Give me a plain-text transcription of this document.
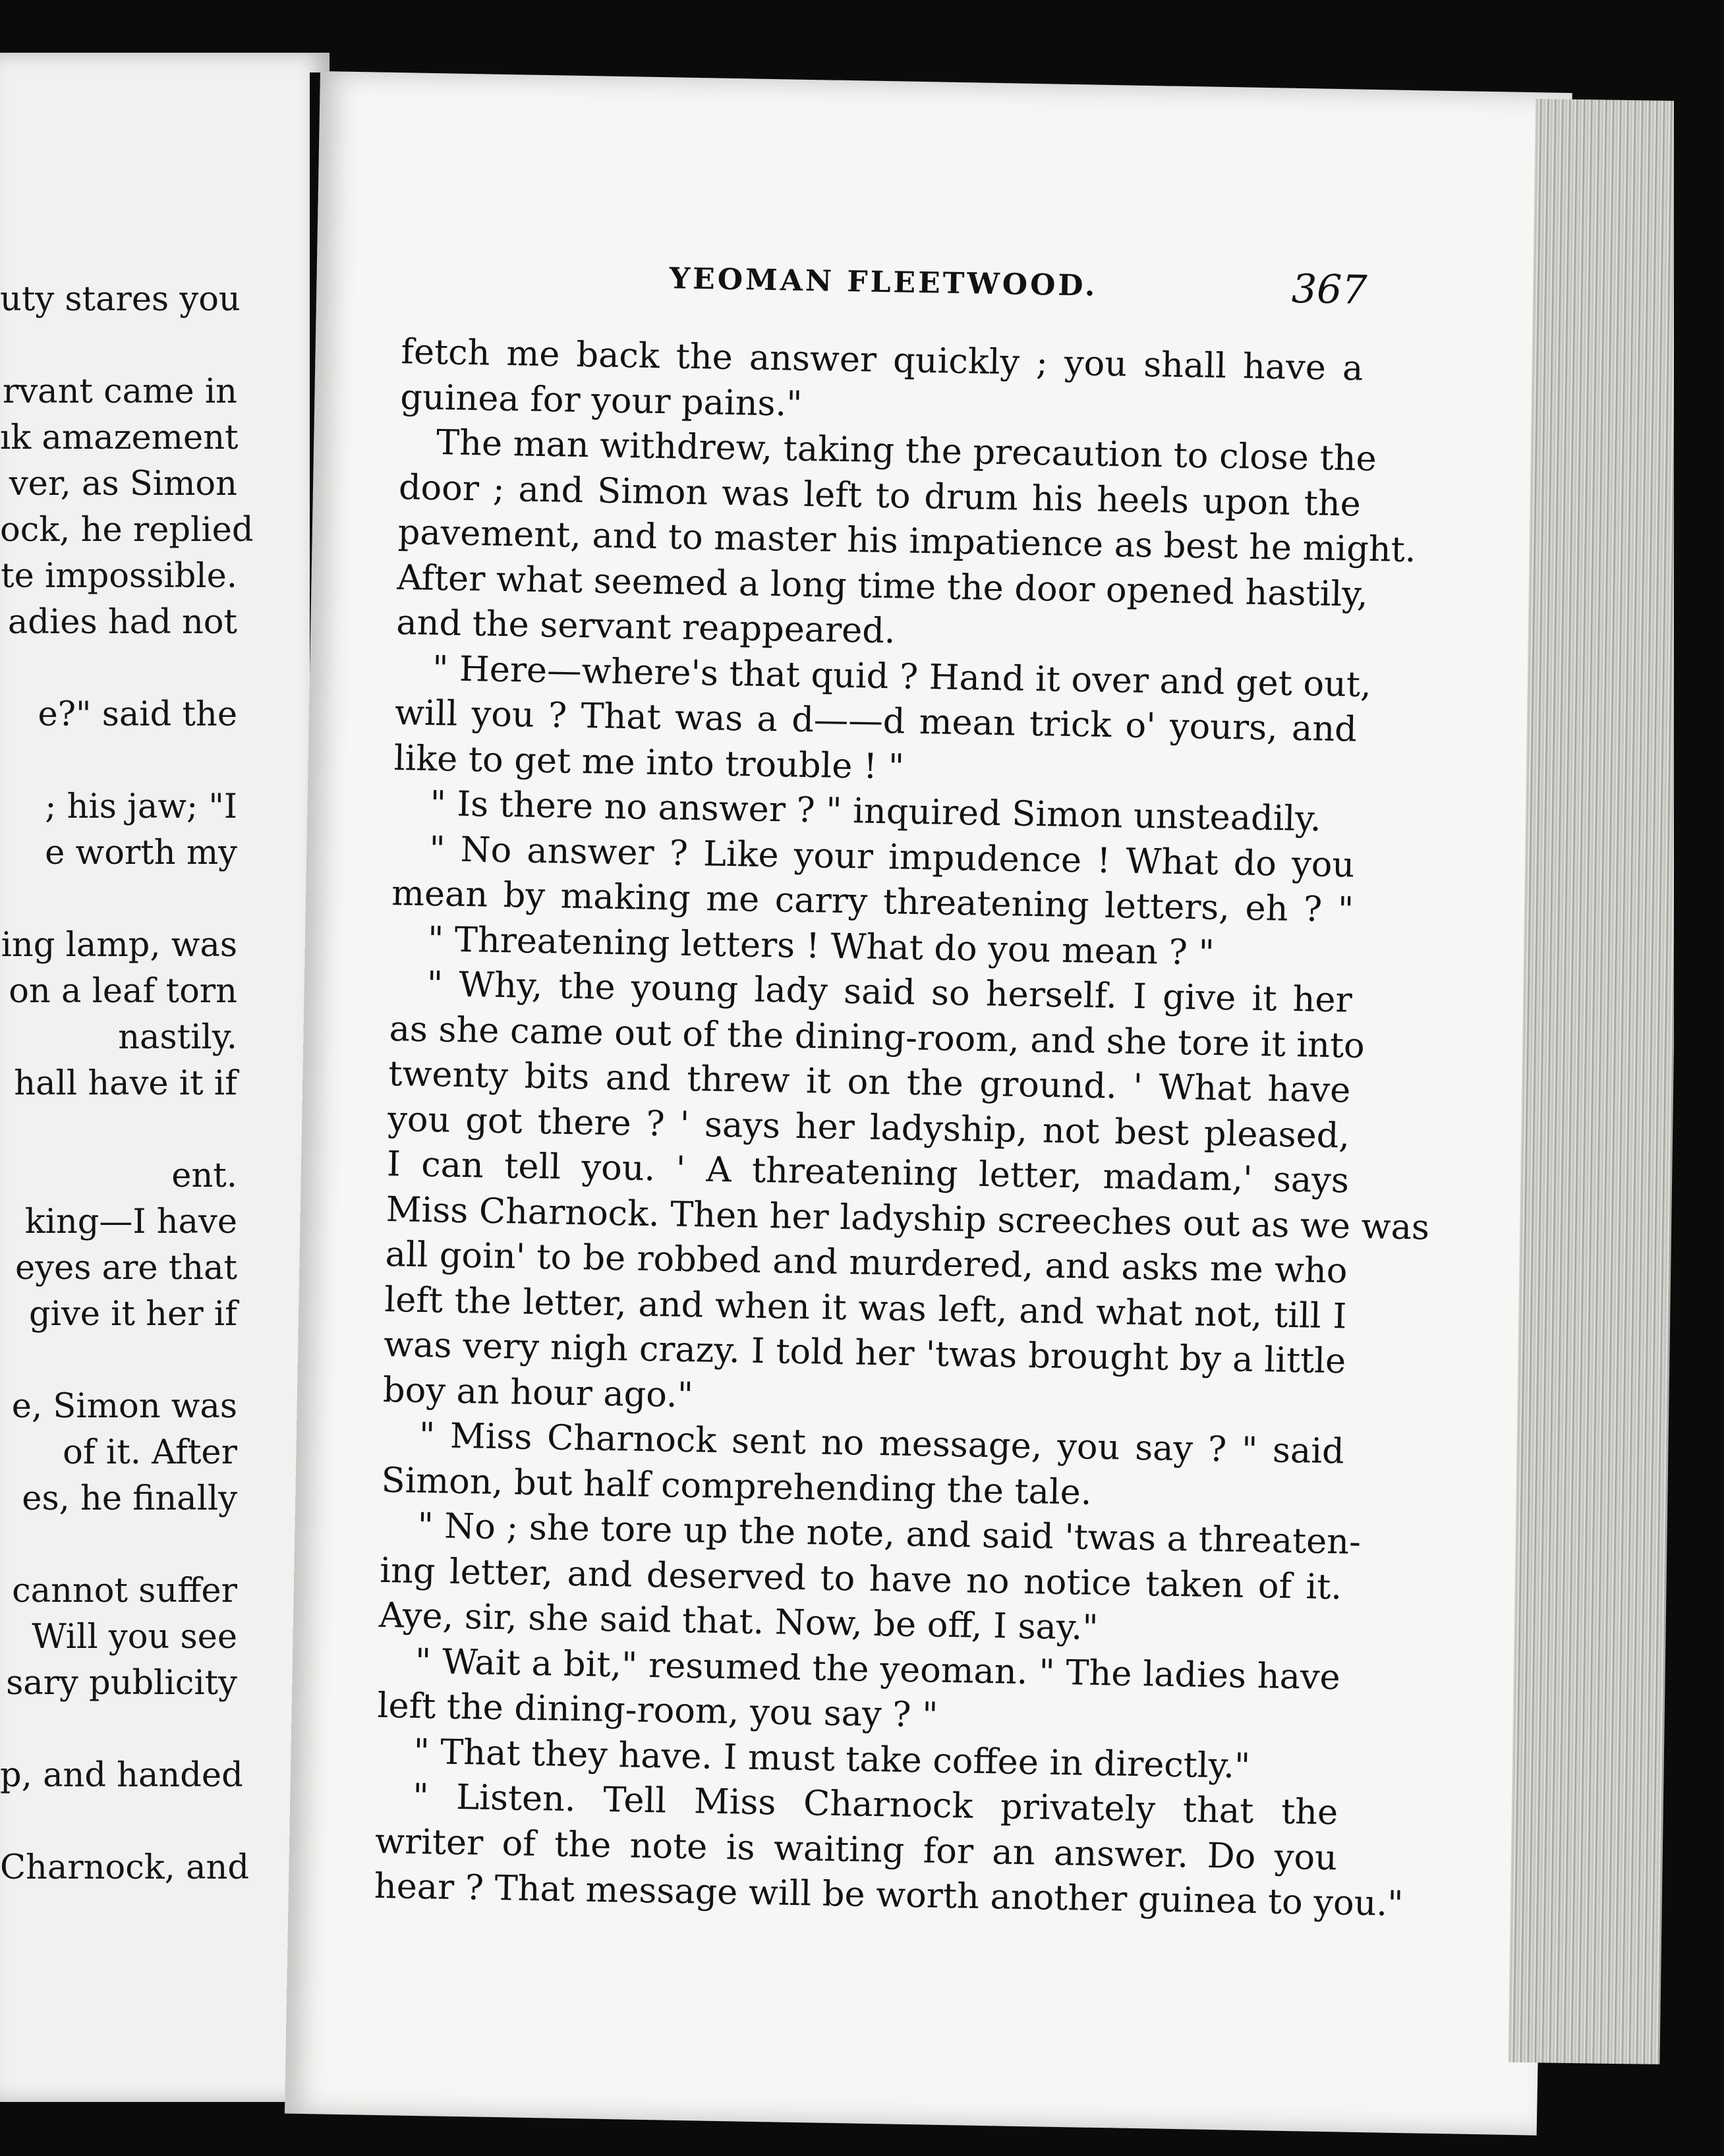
uty stares you
rvant came in
ık amazement
ver, as Simon
ock, he replied
te impossible.
adies had not
e?" said the
; his jaw; "I
e worth my
ing lamp, was
on a leaf torn
nastily.
hall have it if
ent.
king—I have
eyes are that
give it her if
e, Simon was
of it. After
es, he finally
cannot suffer
Will you see
sary publicity
p, and handed
Charnock, and
YEOMAN FLEETWOOD.	367
fetch me back the answer quickly ; you shall have a
guinea for your pains."
The man withdrew, taking the precaution to close the
door ; and Simon was left to drum his heels upon the
pavement, and to master his impatience as best he might.
After what seemed a long time the door opened hastily,
and the servant reappeared.
" Here—where's that quid ? Hand it over and get out,
will you ? That was a d——d mean trick o' yours, and
like to get me into trouble ! "
" Is there no answer ? " inquired Simon unsteadily.
" No answer ? Like your impudence ! What do you
mean by making me carry threatening letters, eh ? "
" Threatening letters ! What do you mean ? "
" Why, the young lady said so herself. I give it her
as she came out of the dining-room, and she tore it into
twenty bits and threw it on the ground. ' What have
you got there ? ' says her ladyship, not best pleased,
I can tell you. ' A threatening letter, madam,' says
Miss Charnock. Then her ladyship screeches out as we was
all goin' to be robbed and murdered, and asks me who
left the letter, and when it was left, and what not, till I
was very nigh crazy. I told her 'twas brought by a little
boy an hour ago."
" Miss Charnock sent no message, you say ? " said
Simon, but half comprehending the tale.
" No ; she tore up the note, and said 'twas a threaten-
ing letter, and deserved to have no notice taken of it.
Aye, sir, she said that. Now, be off, I say."
" Wait a bit," resumed the yeoman. " The ladies have
left the dining-room, you say ? "
" That they have. I must take coffee in directly."
" Listen. Tell Miss Charnock privately that the
writer of the note is waiting for an answer. Do you
hear ? That message will be worth another guinea to you."
